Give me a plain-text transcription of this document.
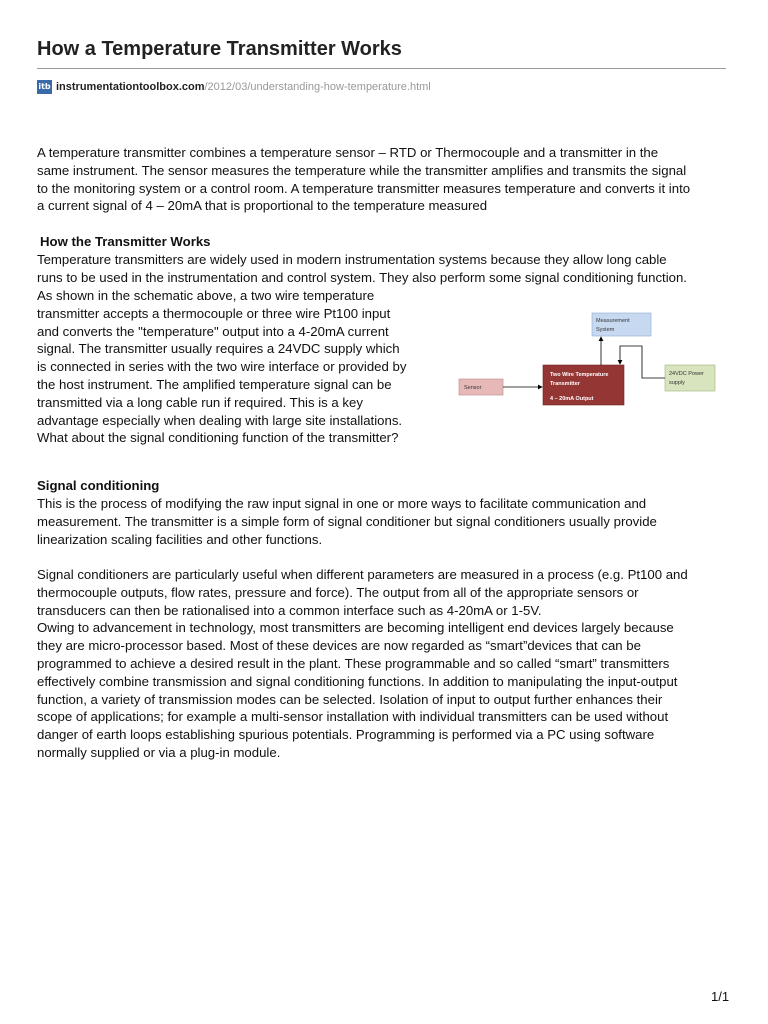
How a Temperature Transmitter Works
itb instrumentationtoolbox.com /2012/03/understanding-how-temperature.html

A temperature transmitter combines a temperature sensor – RTD or Thermocouple and a transmitter in the
same instrument. The sensor measures the temperature while the transmitter amplifies and transmits the signal
to the monitoring system or a control room. A temperature transmitter measures temperature and converts it into
a current signal of 4 – 20mA that is proportional to the temperature measured

How the Transmitter Works

Temperature transmitters are widely used in modern instrumentation systems because they allow long cable
runs to be used in the instrumentation and control system. They also perform some signal conditioning function.

As shown in the schematic above, a two wire temperature
transmitter accepts a thermocouple or three wire Pt100 input
and converts the "temperature" output into a 4-20mA current
signal. The transmitter usually requires a 24VDC supply which
is connected in series with the two wire interface or provided by
the host instrument. The amplified temperature signal can be
transmitted via a long cable run if required. This is a key
advantage especially when dealing with large site installations.
What about the signal conditioning function of the transmitter?

Measurement
System
Two Wire Temperature
Transmitter
4 – 20mA Output
Sensor
24VDC Power
supply

Signal conditioning

This is the process of modifying the raw input signal in one or more ways to facilitate communication and
measurement. The transmitter is a simple form of signal conditioner but signal conditioners usually provide
linearization scaling facilities and other functions.

Signal conditioners are particularly useful when different parameters are measured in a process (e.g. Pt100 and
thermocouple outputs, flow rates, pressure and force). The output from all of the appropriate sensors or
transducers can then be rationalised into a common interface such as 4-20mA or 1-5V.
Owing to advancement in technology, most transmitters are becoming intelligent end devices largely because
they are micro-processor based. Most of these devices are now regarded as “smart”devices that can be
programmed to achieve a desired result in the plant. These programmable and so called “smart” transmitters
effectively combine transmission and signal conditioning functions. In addition to manipulating the input-output
function, a variety of transmission modes can be selected. Isolation of input to output further enhances their
scope of applications; for example a multi-sensor installation with individual transmitters can be used without
danger of earth loops establishing spurious potentials. Programming is performed via a PC using software
normally supplied or via a plug-in module.

1/1
